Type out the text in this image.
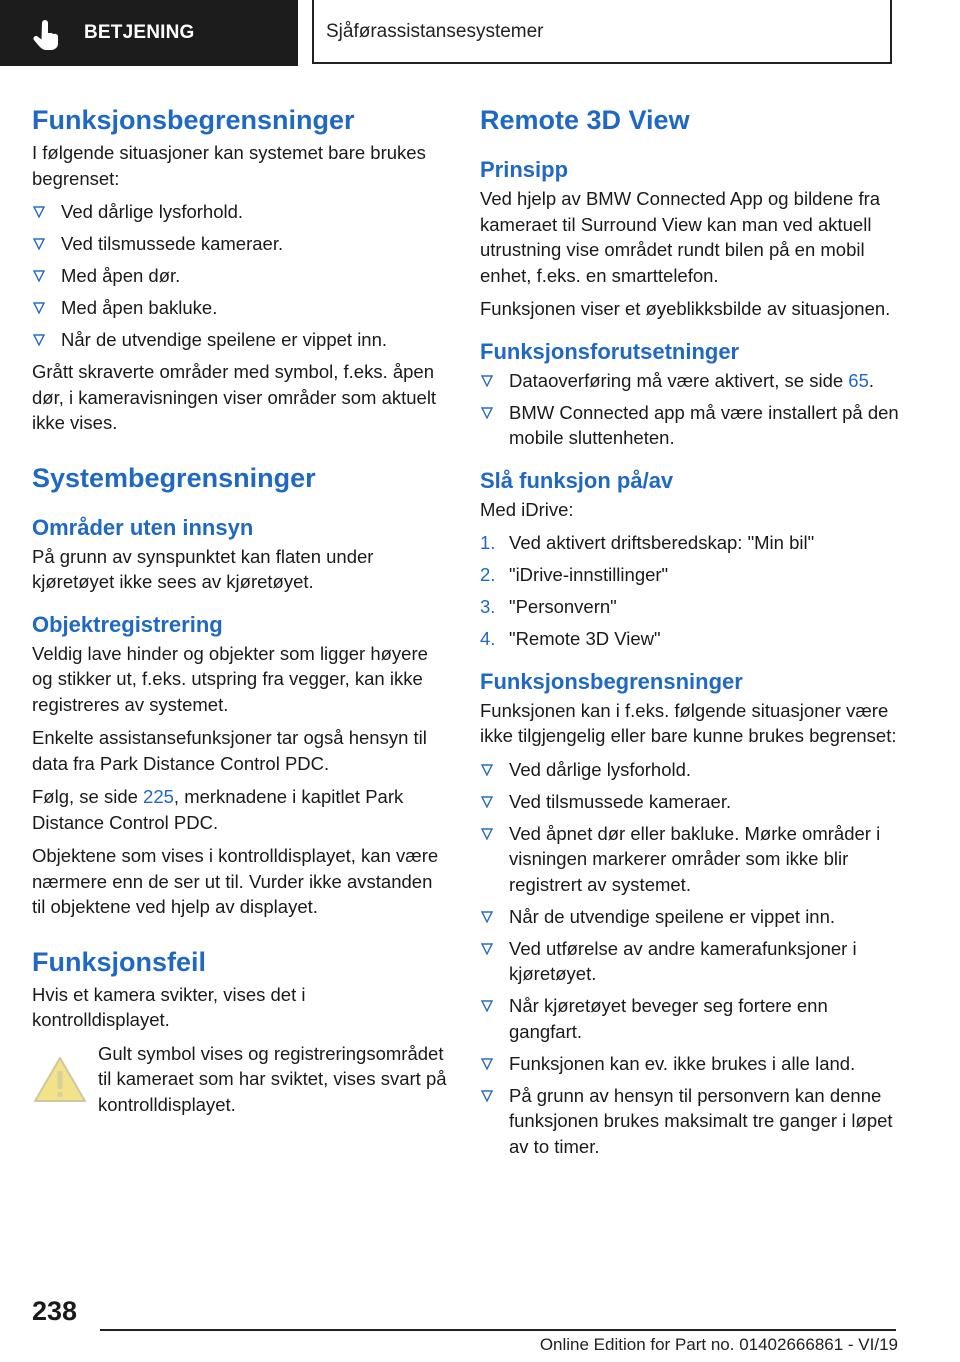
BETJENING	Sjåførassistansesystemer
Funksjonsbegrensninger

I følgende situasjoner kan systemet bare brukes begrenset:

Ved dårlige lysforhold.
Ved tilsmussede kameraer.
Med åpen dør.
Med åpen bakluke.
Når de utvendige speilene er vippet inn.

Grått skraverte områder med symbol, f.eks. åpen dør, i kameravisningen viser områder som aktuelt ikke vises.

Systembegrensninger
Områder uten innsyn

På grunn av synspunktet kan flaten under kjøretøyet ikke sees av kjøretøyet.

Objektregistrering

Veldig lave hinder og objekter som ligger høyere og stikker ut, f.eks. utspring fra vegger, kan ikke registreres av systemet.

Enkelte assistansefunksjoner tar også hensyn til data fra Park Distance Control PDC.

Følg, se side 225, merknadene i kapitlet Park Distance Control PDC.

Objektene som vises i kontrolldisplayet, kan være nærmere enn de ser ut til. Vurder ikke avstanden til objektene ved hjelp av displayet.

Funksjonsfeil

Hvis et kamera svikter, vises det i kontrolldisplayet.

Gult symbol vises og registreringsområdet til kameraet som har sviktet, vises svart på kontrolldisplayet.

Remote 3D View
Prinsipp

Ved hjelp av BMW Connected App og bildene fra kameraet til Surround View kan man ved aktuell utrustning vise området rundt bilen på en mobil enhet, f.eks. en smarttelefon.

Funksjonen viser et øyeblikksbilde av situasjonen.

Funksjonsforutsetninger
Dataoverføring må være aktivert, se side 65.
BMW Connected app må være installert på den mobile sluttenheten.
Slå funksjon på/av

Med iDrive:

1. Ved aktivert driftsberedskap: "Min bil"
2. "iDrive-innstillinger"
3. "Personvern"
4. "Remote 3D View"
Funksjonsbegrensninger

Funksjonen kan i f.eks. følgende situasjoner være ikke tilgjengelig eller bare kunne brukes begrenset:

Ved dårlige lysforhold.
Ved tilsmussede kameraer.
Ved åpnet dør eller bakluke. Mørke områder i visningen markerer områder som ikke blir registrert av systemet.
Når de utvendige speilene er vippet inn.
Ved utførelse av andre kamerafunksjoner i kjøretøyet.
Når kjøretøyet beveger seg fortere enn gangfart.
Funksjonen kan ev. ikke brukes i alle land.
På grunn av hensyn til personvern kan denne funksjonen brukes maksimalt tre ganger i løpet av to timer.
238
Online Edition for Part no. 01402666861 - VI/19
